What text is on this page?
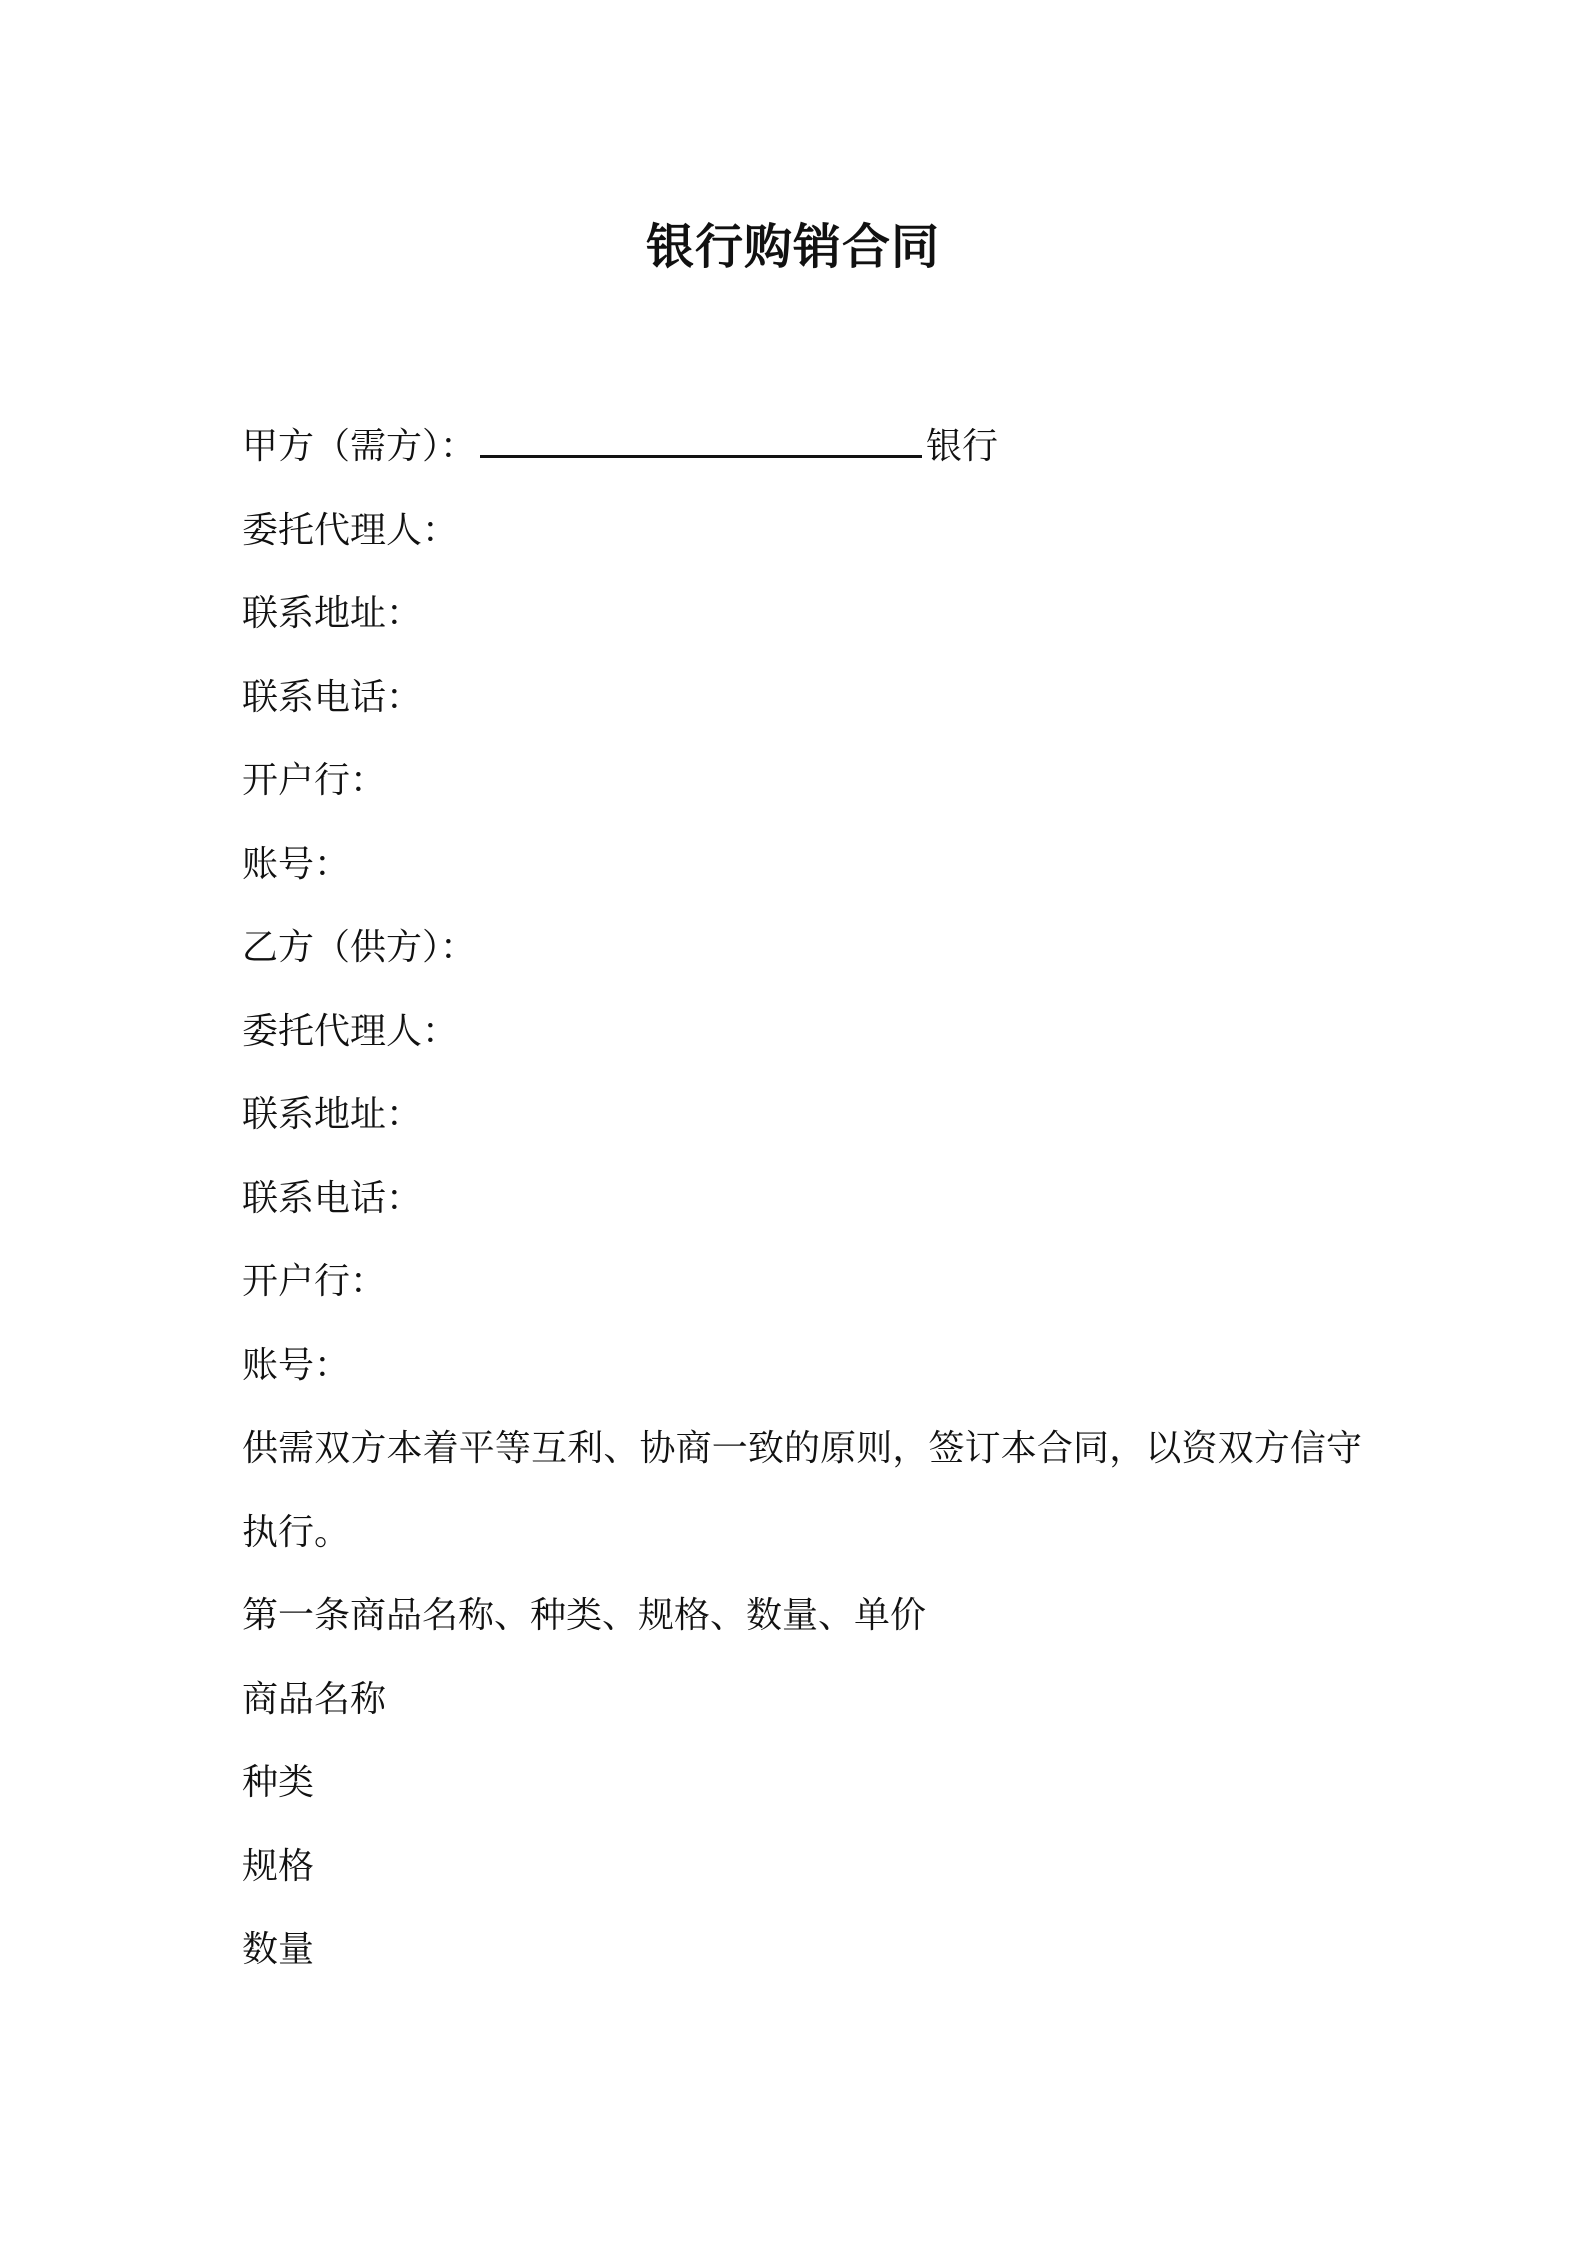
银行购销合同

甲方（需方）：	银行

委托代理人：

联系地址：

联系电话：

开户行：

账号：

乙方（供方）：

委托代理人：

联系地址：

联系电话：

开户行：

账号：

供需双方本着平等互利、协商一致的原则，签订本合同，以资双方信守执行。

第一条商品名称、种类、规格、数量、单价

商品名称

种类

规格

数量
